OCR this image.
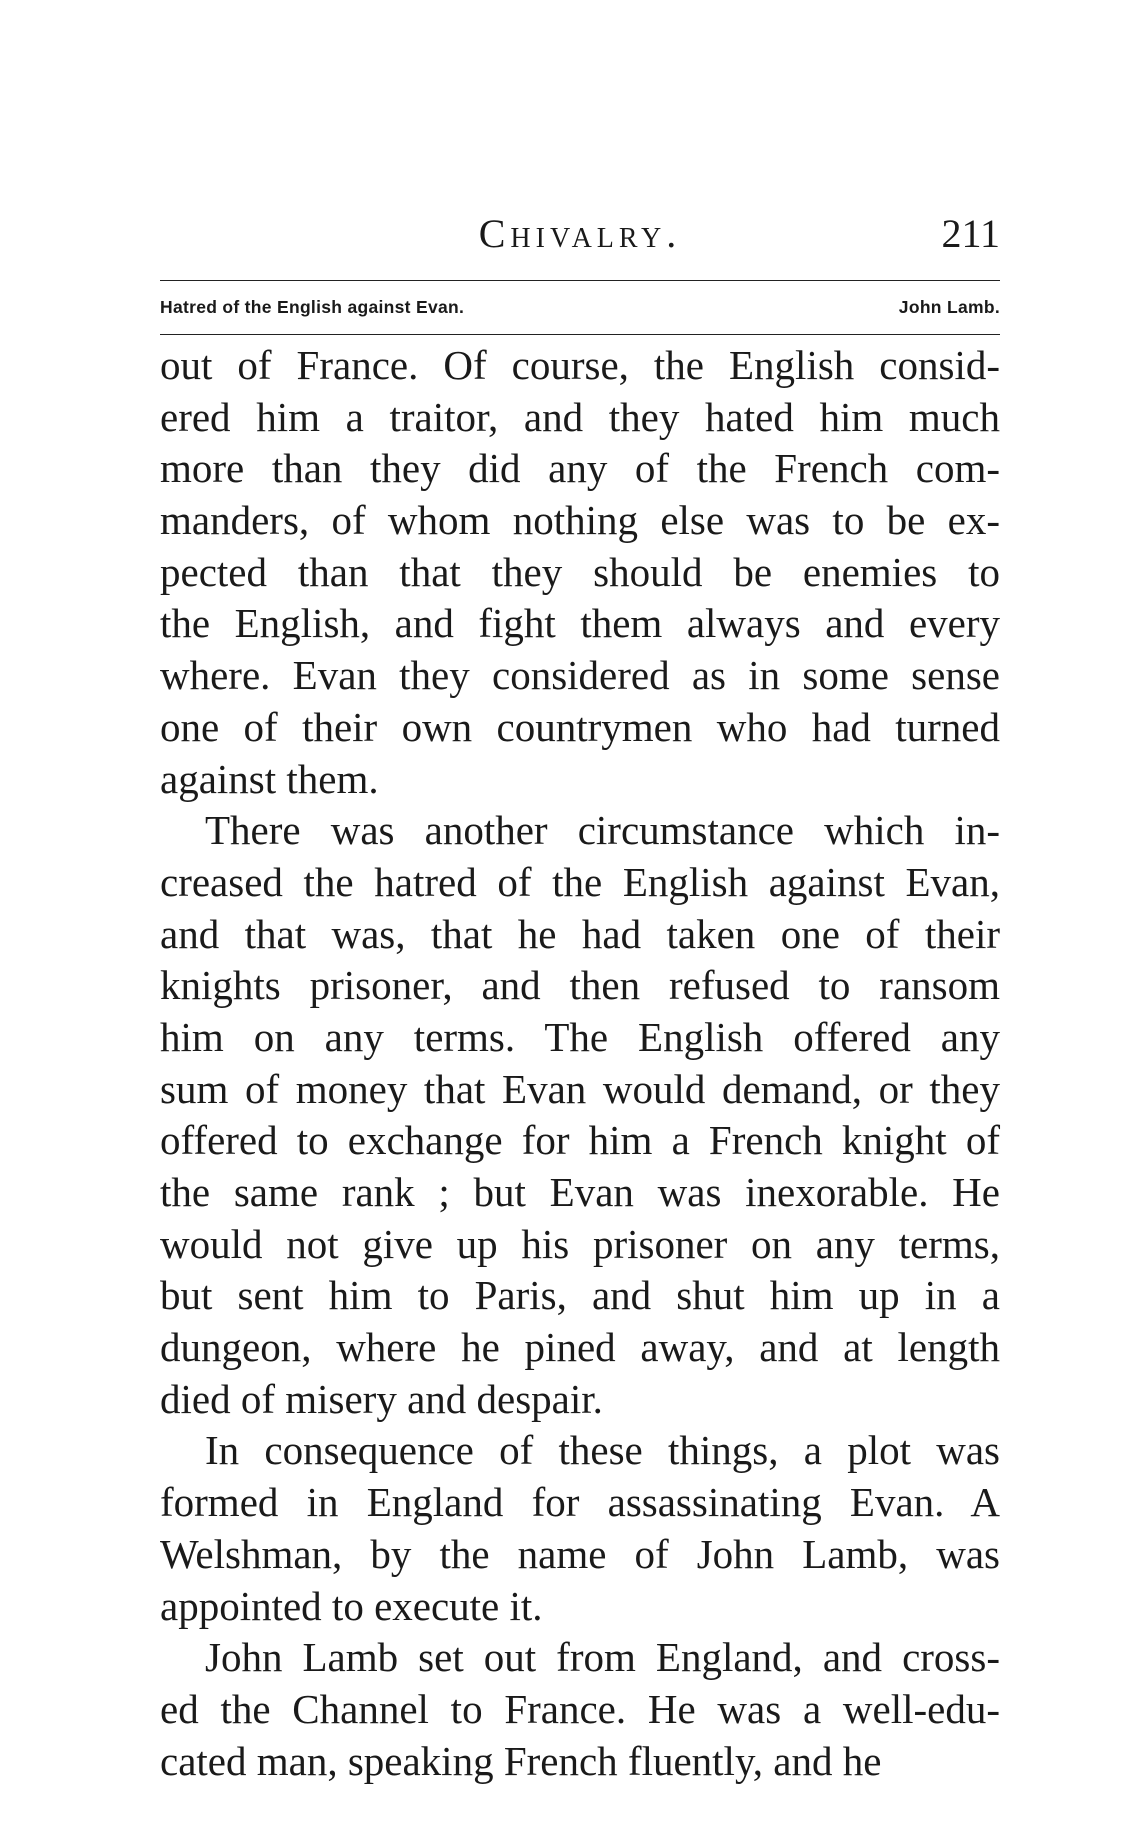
Chivalry.	211
Hatred of the English against Evan.	John Lamb.
out of France. Of course, the English consid-
ered him a traitor, and they hated him much
more than they did any of the French com-
manders, of whom nothing else was to be ex-
pected than that they should be enemies to
the English, and fight them always and every
where. Evan they considered as in some sense
one of their own countrymen who had turned
against them.
There was another circumstance which in-
creased the hatred of the English against Evan,
and that was, that he had taken one of their
knights prisoner, and then refused to ransom
him on any terms. The English offered any
sum of money that Evan would demand, or they
offered to exchange for him a French knight of
the same rank ; but Evan was inexorable. He
would not give up his prisoner on any terms,
but sent him to Paris, and shut him up in a
dungeon, where he pined away, and at length
died of misery and despair.
In consequence of these things, a plot was
formed in England for assassinating Evan. A
Welshman, by the name of John Lamb, was
appointed to execute it.
John Lamb set out from England, and cross-
ed the Channel to France. He was a well-edu-
cated man, speaking French fluently, and he
